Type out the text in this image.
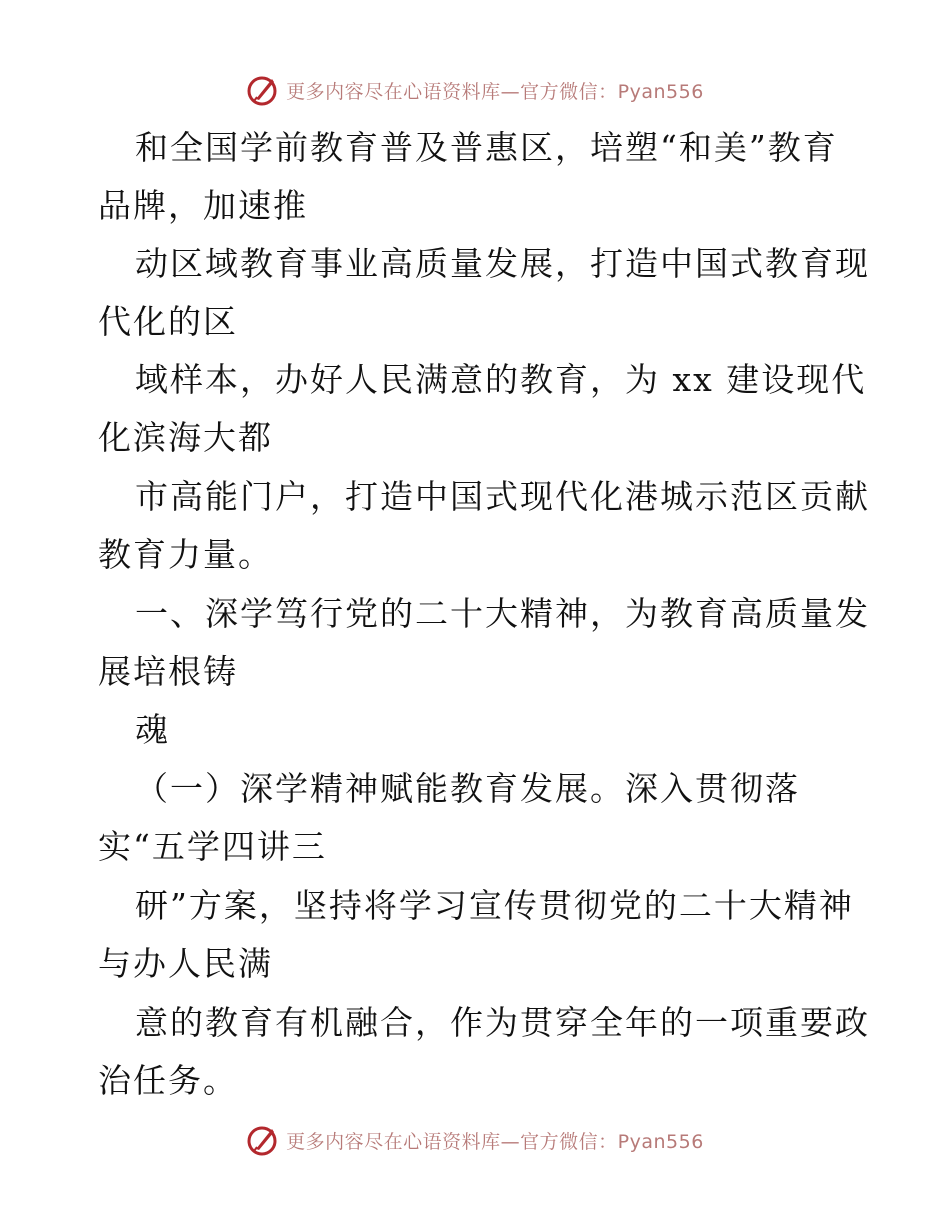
更多内容尽在心语资料库—官方微信：Pyan556
和全国学前教育普及普惠区，培塑“和美”教育
品牌，加速推
动区域教育事业高质量发展，打造中国式教育现
代化的区
域样本，办好人民满意的教育，为 xx 建设现代
化滨海大都
市高能门户，打造中国式现代化港城示范区贡献
教育力量。
一、深学笃行党的二十大精神，为教育高质量发
展培根铸
魂
（一）深学精神赋能教育发展。深入贯彻落
实“五学四讲三
研”方案，坚持将学习宣传贯彻党的二十大精神
与办人民满
意的教育有机融合，作为贯穿全年的一项重要政
治任务。
更多内容尽在心语资料库—官方微信：Pyan556
